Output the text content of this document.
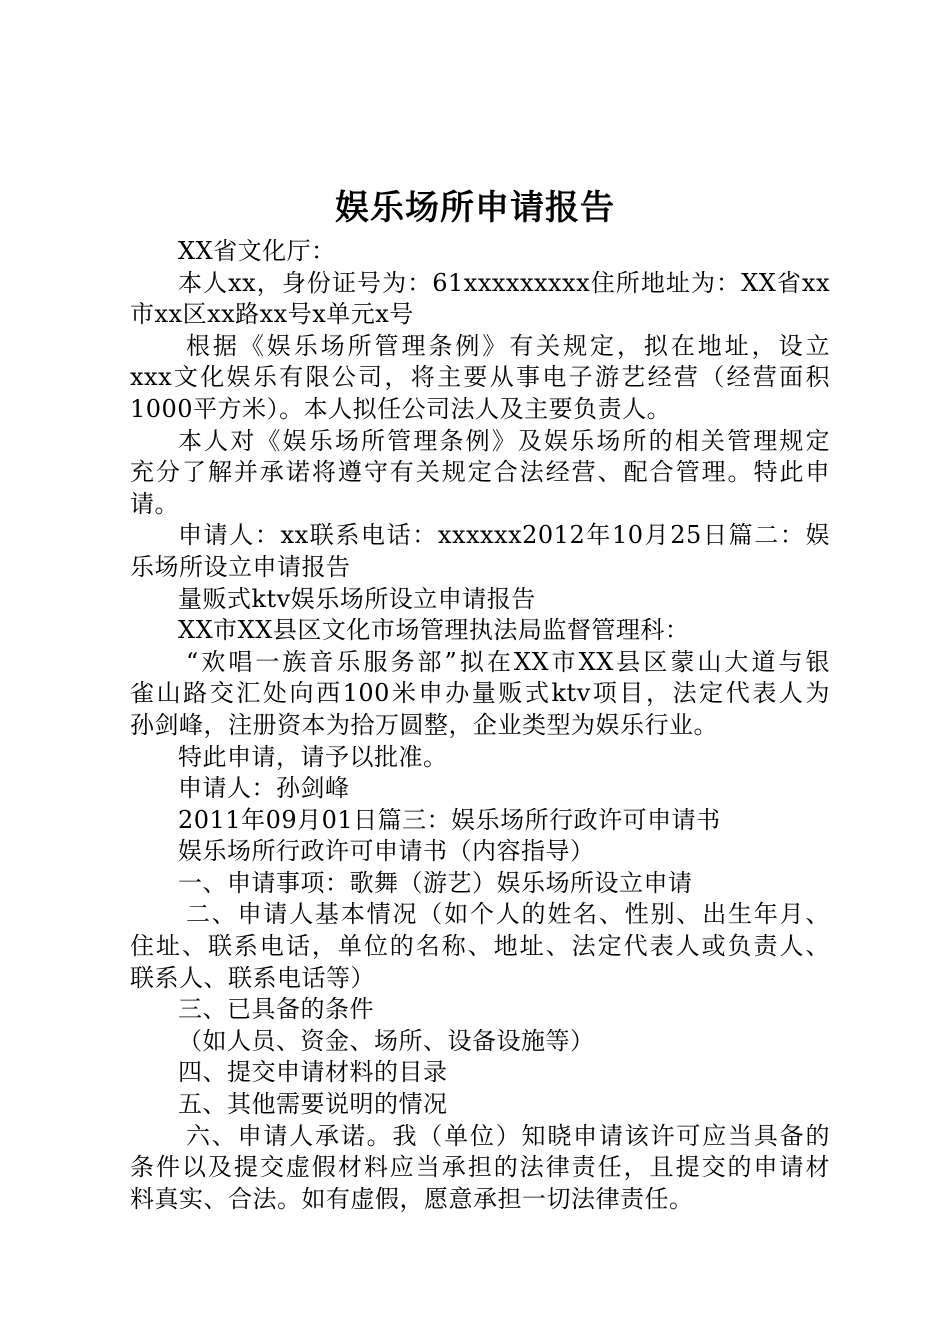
娱乐场所申请报告
XX省文化厅：
本人xx，身份证号为：61xxxxxxxxx住所地址为：XX省xx
市xx区xx路xx号x单元x号
根据《娱乐场所管理条例》有关规定，拟在地址，设立
xxx文化娱乐有限公司，将主要从事电子游艺经营（经营面积
1000平方米）。本人拟任公司法人及主要负责人。
本人对《娱乐场所管理条例》及娱乐场所的相关管理规定
充分了解并承诺将遵守有关规定合法经营、配合管理。特此申
请。
申请人：xx联系电话：xxxxxx2012年10月25日篇二：娱
乐场所设立申请报告
量贩式ktv娱乐场所设立申请报告
XX市XX县区文化市场管理执法局监督管理科：
“欢唱一族音乐服务部”拟在XX市XX县区蒙山大道与银
雀山路交汇处向西100米申办量贩式ktv项目，法定代表人为
孙剑峰，注册资本为拾万圆整，企业类型为娱乐行业。
特此申请，请予以批准。
申请人：孙剑峰
2011年09月01日篇三：娱乐场所行政许可申请书
娱乐场所行政许可申请书（内容指导）
一、申请事项：歌舞（游艺）娱乐场所设立申请
二、申请人基本情况（如个人的姓名、性别、出生年月、
住址、联系电话，单位的名称、地址、法定代表人或负责人、
联系人、联系电话等）
三、已具备的条件
（如人员、资金、场所、设备设施等）
四、提交申请材料的目录
五、其他需要说明的情况
六、申请人承诺。我（单位）知晓申请该许可应当具备的
条件以及提交虚假材料应当承担的法律责任，且提交的申请材
料真实、合法。如有虚假，愿意承担一切法律责任。
